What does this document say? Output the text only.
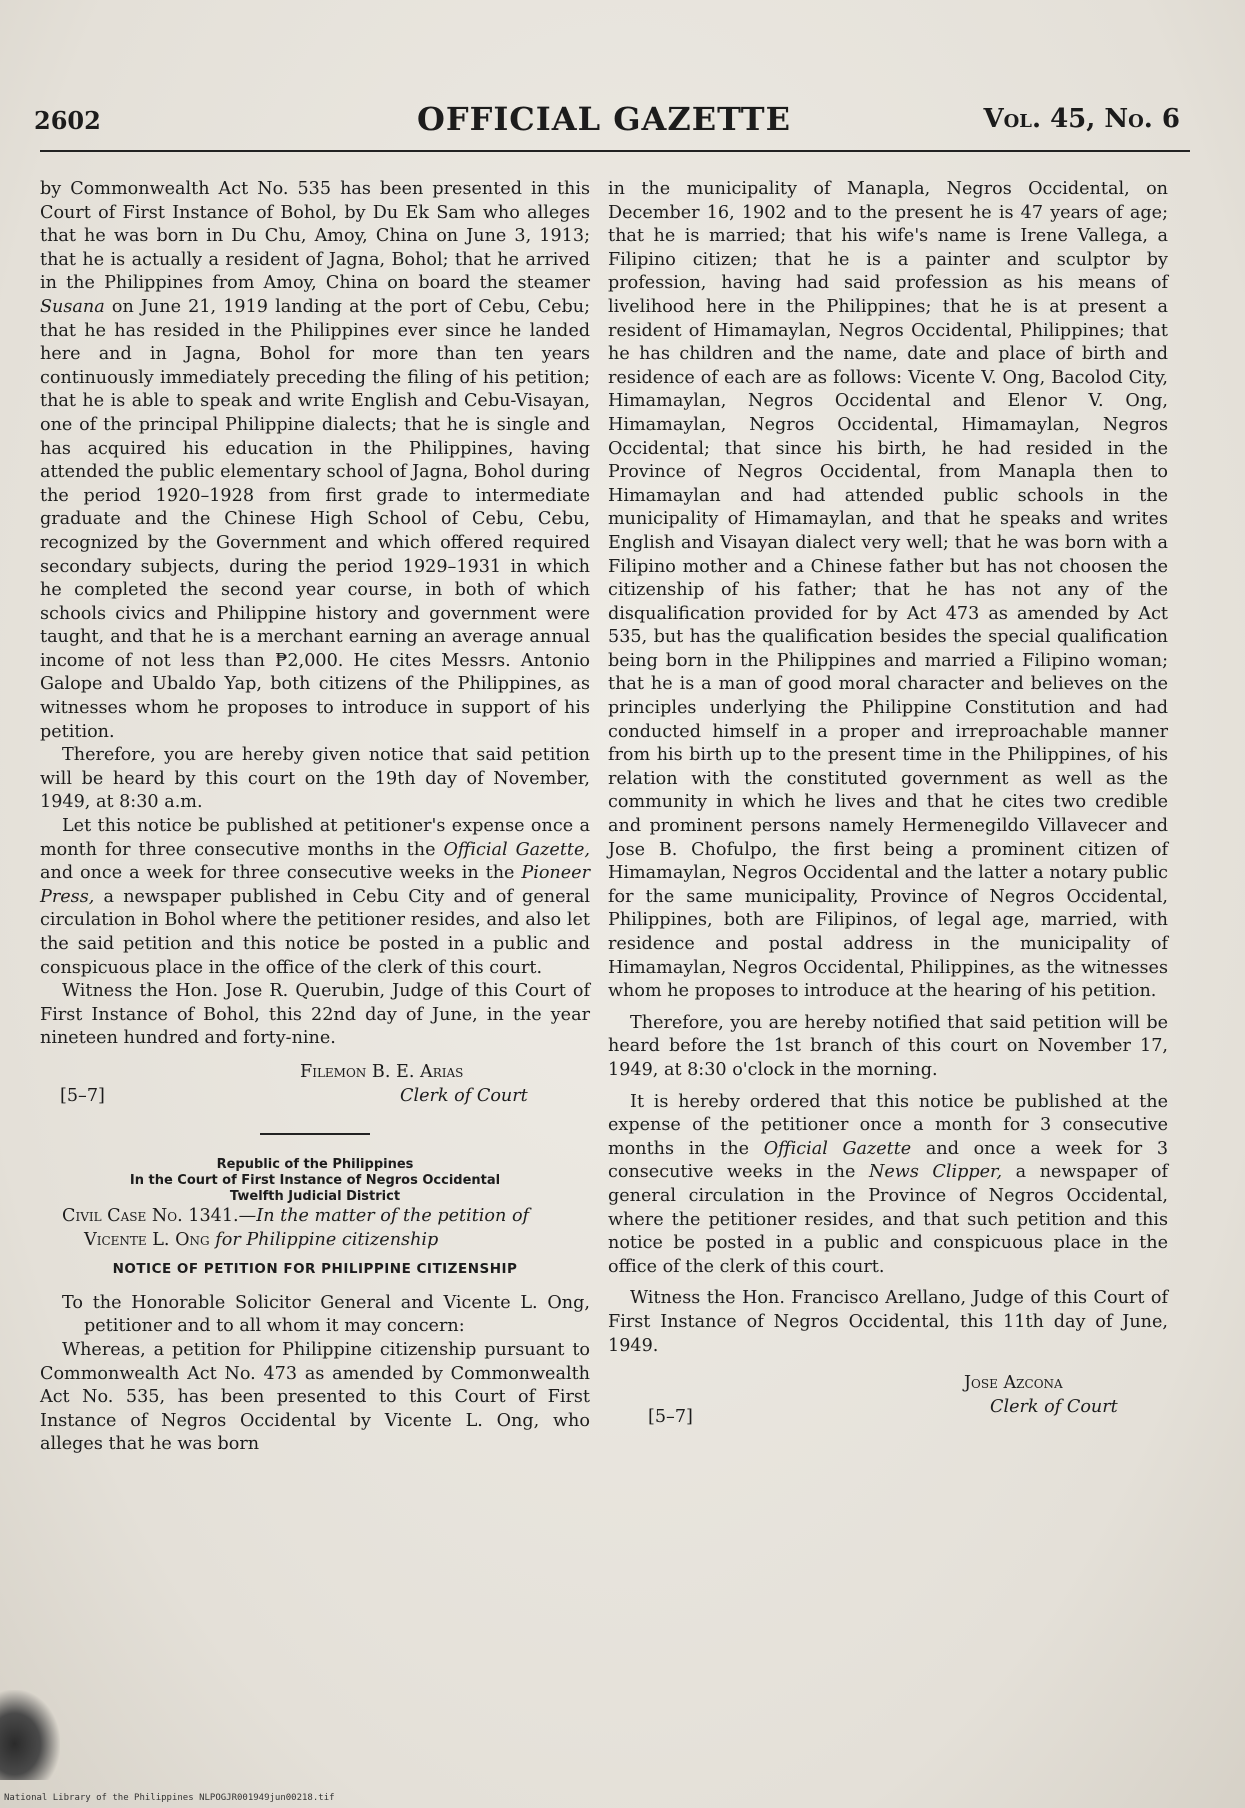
2602	OFFICIAL GAZETTE	Vol. 45, No. 6

by Commonwealth Act No. 535 has been presented in this Court of First Instance of Bohol, by Du Ek Sam who alleges that he was born in Du Chu, Amoy, China on June 3, 1913; that he is actually a resident of Jagna, Bohol; that he arrived in the Philippines from Amoy, China on board the steamer Susana on June 21, 1919 landing at the port of Cebu, Cebu; that he has resided in the Philippines ever since he landed here and in Jagna, Bohol for more than ten years continuously immediately preceding the filing of his petition; that he is able to speak and write English and Cebu-Visayan, one of the principal Philippine dialects; that he is single and has acquired his education in the Philippines, having attended the public elementary school of Jagna, Bohol during the period 1920–1928 from first grade to intermediate graduate and the Chinese High School of Cebu, Cebu, recognized by the Government and which offered required secondary subjects, during the period 1929–1931 in which he completed the second year course, in both of which schools civics and Philippine history and government were taught, and that he is a merchant earning an average annual income of not less than ₱2,000. He cites Messrs. Antonio Galope and Ubaldo Yap, both citizens of the Philippines, as witnesses whom he proposes to introduce in support of his petition.

Therefore, you are hereby given notice that said petition will be heard by this court on the 19th day of November, 1949, at 8:30 a.m.

Let this notice be published at petitioner's expense once a month for three consecutive months in the Official Gazette, and once a week for three consecutive weeks in the Pioneer Press, a newspaper published in Cebu City and of general circulation in Bohol where the petitioner resides, and also let the said petition and this notice be posted in a public and conspicuous place in the office of the clerk of this court.

Witness the Hon. Jose R. Querubin, Judge of this Court of First Instance of Bohol, this 22nd day of June, in the year nineteen hundred and forty-nine.

Filemon B. E. Arias
[5–7]	Clerk of Court
Republic of the Philippines
In the Court of First Instance of Negros Occidental
Twelfth Judicial District

Civil Case No. 1341.—In the matter of the petition of Vicente L. Ong for Philippine citizenship

NOTICE OF PETITION FOR PHILIPPINE CITIZENSHIP

To the Honorable Solicitor General and Vicente L. Ong, petitioner and to all whom it may concern:

Whereas, a petition for Philippine citizenship pursuant to Commonwealth Act No. 473 as amended by Commonwealth Act No. 535, has been presented to this Court of First Instance of Negros Occidental by Vicente L. Ong, who alleges that he was born

in the municipality of Manapla, Negros Occidental, on December 16, 1902 and to the present he is 47 years of age; that he is married; that his wife's name is Irene Vallega, a Filipino citizen; that he is a painter and sculptor by profession, having had said profession as his means of livelihood here in the Philippines; that he is at present a resident of Himamaylan, Negros Occidental, Philippines; that he has children and the name, date and place of birth and residence of each are as follows: Vicente V. Ong, Bacolod City, Himamaylan, Negros Occidental and Elenor V. Ong, Himamaylan, Negros Occidental, Himamaylan, Negros Occidental; that since his birth, he had resided in the Province of Negros Occidental, from Manapla then to Himamaylan and had attended public schools in the municipality of Himamaylan, and that he speaks and writes English and Visayan dialect very well; that he was born with a Filipino mother and a Chinese father but has not choosen the citizenship of his father; that he has not any of the disqualification provided for by Act 473 as amended by Act 535, but has the qualification besides the special qualification being born in the Philippines and married a Filipino woman; that he is a man of good moral character and believes on the principles underlying the Philippine Constitution and had conducted himself in a proper and irreproachable manner from his birth up to the present time in the Philippines, of his relation with the constituted government as well as the community in which he lives and that he cites two credible and prominent persons namely Hermenegildo Villavecer and Jose B. Chofulpo, the first being a prominent citizen of Himamaylan, Negros Occidental and the latter a notary public for the same municipality, Province of Negros Occidental, Philippines, both are Filipinos, of legal age, married, with residence and postal address in the municipality of Himamaylan, Negros Occidental, Philippines, as the witnesses whom he proposes to introduce at the hearing of his petition.

Therefore, you are hereby notified that said petition will be heard before the 1st branch of this court on November 17, 1949, at 8:30 o'clock in the morning.

It is hereby ordered that this notice be published at the expense of the petitioner once a month for 3 consecutive months in the Official Gazette and once a week for 3 consecutive weeks in the News Clipper, a newspaper of general circulation in the Province of Negros Occidental, where the petitioner resides, and that such petition and this notice be posted in a public and conspicuous place in the office of the clerk of this court.

Witness the Hon. Francisco Arellano, Judge of this Court of First Instance of Negros Occidental, this 11th day of June, 1949.

Jose Azcona
Clerk of Court
[5–7]
National Library of the Philippines NLPOGJR001949jun00218.tif
